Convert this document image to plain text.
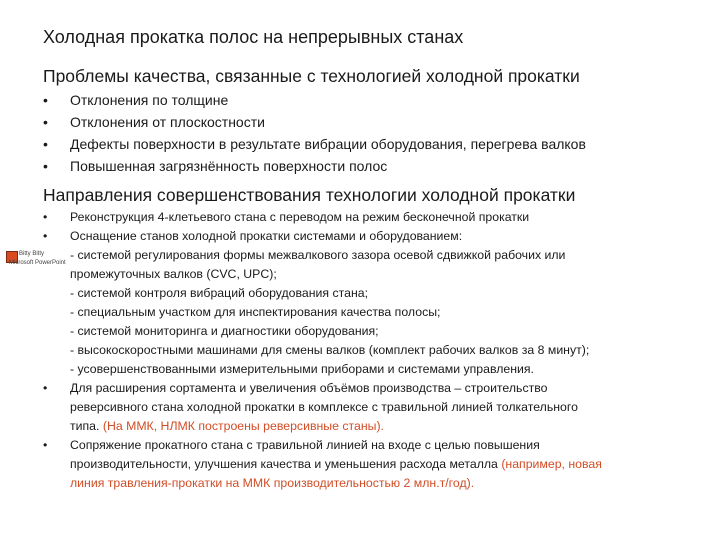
Холодная прокатка полос на непрерывных станах
Проблемы качества, связанные с технологией холодной прокатки
• Отклонения по толщине
• Отклонения от плоскостности
• Дефекты поверхности в результате вибрации оборудования, перегрева валков
• Повышенная загрязнённость поверхности полос
Направления совершенствования технологии холодной прокатки
• Реконструкция 4-клетьевого стана с переводом на режим бесконечной прокатки
• Оснащение станов холодной прокатки системами и оборудованием:
- системой регулирования формы межвалкового зазора осевой сдвижкой рабочих или
промежуточных валков (CVC, UPC);
- системой контроля вибраций оборудования стана;
- специальным участком для инспектирования качества полосы;
- системой мониторинга и диагностики оборудования;
- высокоскоростными машинами для смены валков (комплект рабочих валков за 8 минут);
- усовершенствованными измерительными приборами и системами управления.
• Для расширения сортамента и увеличения объёмов производства – строительство
реверсивного стана холодной прокатки в комплексе с травильной линией толкательного
типа. (На ММК, НЛМК построены реверсивные станы).
• Сопряжение прокатного стана с травильной линией на входе с целью повышения
производительности, улучшения качества и уменьшения расхода металла (например, новая
линия травления-прокатки на ММК производительностью 2 млн.т/год).
Bitty Bitty
Microsoft PowerPoint
